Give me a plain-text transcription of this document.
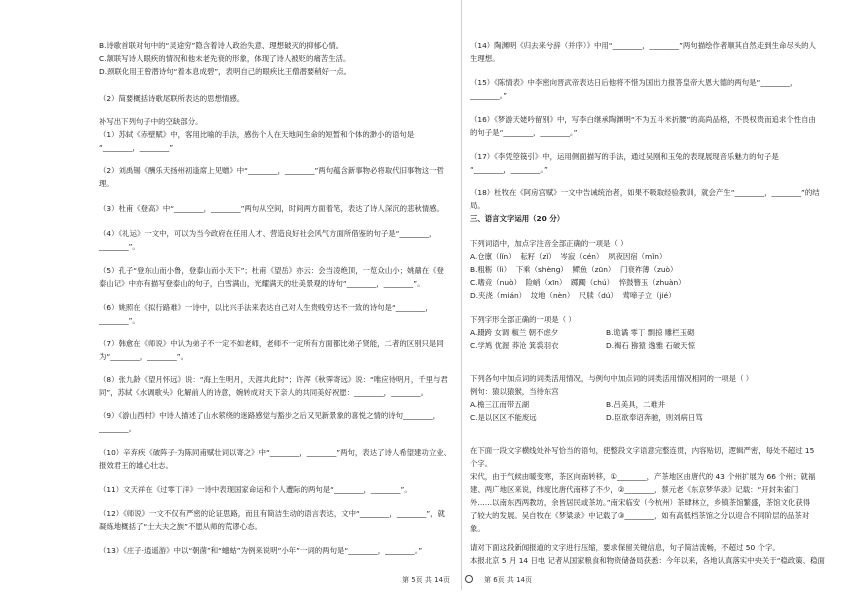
B.诗歌首联对句中的“灵途穷”隐含着诗人政治失意、理想破灭的抑郁心情。

C.颔联写诗人眼疾的情况和他未老先衰的形象，体现了诗人被贬的痛苦生活。

D.颈联化用王曾潜诗句“着本息成碧”，表明自己的眼疾比王僧潜要稍好一点。

（2）简要概括诗歌尾联所表达的思想情感。

补写出下列句子中的空缺部分。

（1）苏轼《赤壁赋》中，客用比喻的手法，感伤个人在天地间生命的短暂和个体的渺小的语句是

“________，________”

（2）刘禹锡《酬乐天扬州初逢席上见赠》中“________，________”两句蕴含新事物必将取代旧事物这一哲

理。

（3）杜甫《登高》中“________，________”两句从空间，时间两方面着笔，表达了诗人深沉的悲秋情感。

（4）《礼运》一文中，可以为当今政府在任用人才、营造良好社会风气方面所借鉴的句子是“________，

________”。

（5）孔子“登东山而小鲁，登泰山而小天下”；杜甫《望岳》亦云：会当凌绝顶，一览众山小；姚鼐在《登

泰山记》中亦有描写登泰山的句子，白雪满山，光耀满天的壮美景观的诗句“________，________”。

（6）姚照在《拟行路难》一诗中，以比兴手法来表达自己对人生贵贱穷达不一致的诗句是“________，

________”。

（7）韩愈在《师说》中认为弟子不一定不如老师，老师不一定所有方面都比弟子贤能，二者的区别只是同

为“________，________”。

（8）张九龄《望月怀远》说：“海上生明月，天涯共此时”；许浑《秋霁寄远》说：“唯应待明月，千里与君

同”，苏轼《水调歌头》化解前人的诗意，婉转成对天下亲人的共同美好祝愿：________，________。

（9）《游山西村》中诗人描述了山水萦绕的迷路感觉与豁步之后又见新景象的喜悦之情的诗句________，

________。

（10）辛弃疾《破阵子·为陈同甫赋壮词以寄之》中“________，________”两句，表达了诗人希望建功立业、

报效君王的雄心壮志。

（11）文天祥在《过零丁洋》一诗中表现国家命运和个人遭际的两句是“________，________”。

（12）《师说》一文不仅有严密的论证思路，而且有简洁生动的语言表达，文中“________，________”，就

凝炼地概括了“士大夫之族”不愿从师的荒谬心态。

（13）《庄子·逍遥游》中以“朝菌”和“蟪蛄”为例来说明“小年”一词的两句是“________，________。”

（14）陶渊明《归去来兮辞（并序）》中用“________，________”两句描绘作者顺其自然走到生命尽头的人

生理想。

（15）《陈情表》中李密向晋武帝表达日后他将不惜为国出力报答皇帝大恩大德的两句是“________，

________。”

（16）《梦游天姥吟留别》中，写李白继承陶渊明“不为五斗米折腰”的高尚品格，不畏权贵而追求个性自由

的句子是“________，________。”

（17）《李凭箜篌引》中，运用侧面描写的手法，通过吴刚和玉兔的表现展现音乐魅力的句子是

“________，________。”

（18）杜牧在《阿房宫赋》一文中告诫统治者，如果不吸取经验教训，就会产生“________，________”的结

局。

三、语言文字运用（20 分）

下列词语中，加点字注音全部正确的一项是（ ）

A.仓廪（lǐn）  耘籽（zǐ）  岑寂（cén）  夙夜因宿（mǐn）

B.粗粝（lì）  下乘（shèng）  鳏鱼（zūn）  门衰祚薄（zuò）

C.嗜竞（nuò）  险峭（xīn）  踯躅（chú）  悴鼓簪玉（zhuàn）

D.夹浇（mián）  坟地（nèn）  尺牍（dú）  莺啼子立（jié）

下列字形全部正确的一项是（ ）

A.蹑跨 女调 椒兰 朝不虑夕	B.诡谲 零丁 剽掠 雕栏玉砌
C.学鸠 优渥 莽沧 箕裘羽衣	D.褐石 猕猿 逸雅 石破天惊

下列各句中加点词的词类活用情况，与例句中加点词的词类活用情况相同的一项是（ ）

例句：猿以猿猴，当待东宫

A.檐三江而带五湖	B.吕美具，二难并
C.是以区区不能废远	D.臣欲奉诏奔驰，则刘病日笃

在下面一段文字横线处补写恰当的语句，使整段文字语意完整连贯，内容贴切，逻辑严密，每处不超过 15

个字。

宋代，由于气候由暖变寒，茶区向南转移，①________，产茶地区由唐代的 43 个州扩展为 66 个州；就福

建、两广地区来说，纬度比唐代南移了不少，②________，蔡元老《东京梦华录》记载：“开封朱雀门

外……以南东西两教坊，余皆居民或茶坊。”南宋临安（今杭州）茶肆林立，乡镇茶馆繁盛，茶馆文化获得

了较大的发展。吴自牧在《梦粱录》中记载了③________，如有高低档茶馆之分以迎合不同阶层的品茶对

象。

请对下面这段新闻报道的文字进行压缩，要求保留关键信息，句子简洁流畅，不超过 50 个字。

本报北京 5 月 14 日电 记者从国家粮食和物资储备局获悉：今年以来，各地认真落实中央关于“稳政策、稳面

第 5页 共 14页	第 6页 共 14页
